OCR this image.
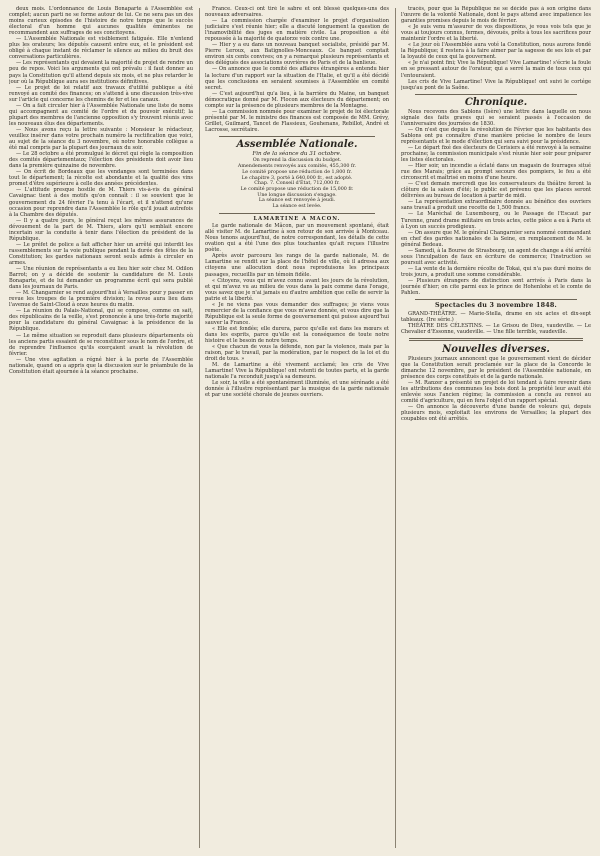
deux mois. L'ordonnance de Louis Bonaparte à l'Assemblée est complet; aucun parti ne se forme autour de lui. Ce ne sera pas un des moins curieux épisodes de l'histoire de notre temps que le succès électoral d'un homme qui aucunes qualités éminentes ne recommandent aux suffrages de ses concitoyens.

— L'Assemblée Nationale est visiblement fatiguée. Elle n'entend plus les orateurs; les députés causent entre eux, et le président est obligé à chaque instant de réclamer le silence au milieu du bruit des conversations particulières.

— Les représentants qui devaient la majorité du projet de rendre un peu de repos. Voici les arguments qui ont prévalu : il faut donner au pays la Constitution qu'il attend depuis six mois, et ne plus retarder le jour où la République aura ses institutions définitives.

— Le projet de loi relatif aux travaux d'utilité publique a été renvoyé au comité des finances; on s'attend à une discussion très-vive sur l'article qui concerne les chemins de fer et les canaux.

— On a fait circuler hier à l'Assemblée Nationale une liste de noms qui accompagnent au comité de l'ordre et du pouvoir exécutif; la plupart des membres de l'ancienne opposition s'y trouvent réunis avec les nouveaux élus des départements.

— Nous avons reçu la lettre suivante : Monsieur le rédacteur, veuillez insérer dans votre prochain numéro la rectification que voici, au sujet de la séance du 3 novembre, où notre honorable collègue a été mal compris par la plupart des journaux du soir.

— Le 28 octobre a été promulgué le décret qui règle la composition des comités départementaux; l'élection des présidents doit avoir lieu dans la première quinzaine de novembre.

— On écrit de Bordeaux que les vendanges sont terminées dans tout le département; la récolte est abondante et la qualité des vins promet d'être supérieure à celle des années précédentes.

— L'attitude presque hostile de M. Thiers vis-à-vis du général Cavaignac tient à des motifs qu'on connaît : il se souvient que le gouvernement du 24 février l'a tenu à l'écart, et il n'attend qu'une occasion pour reprendre dans l'Assemblée le rôle qu'il jouait autrefois à la Chambre des députés.

— Il y a quatre jours, le général reçut les mêmes assurances de dévouement de la part de M. Thiers, alors qu'il semblait encore incertain sur la conduite à tenir dans l'élection du président de la République.

— Le préfet de police a fait afficher hier un arrêté qui interdit les rassemblements sur la voie publique pendant la durée des fêtes de la Constitution; les gardes nationaux seront seuls admis à circuler en armes.

— Une réunion de représentants a eu lieu hier soir chez M. Odilon Barrot; on y a décidé de soutenir la candidature de M. Louis Bonaparte, et de lui demander un programme écrit qui sera publié dans les journaux de Paris.

— M. Changarnier se rend aujourd'hui à Versailles pour y passer en revue les troupes de la première division; la revue aura lieu dans l'avenue de Saint-Cloud à onze heures du matin.

— La réunion du Palais-National, qui se compose, comme on sait, des républicains de la veille, s'est prononcée à une très-forte majorité pour la candidature du général Cavaignac à la présidence de la République.

— Le même situation se reproduit dans plusieurs départements où les anciens partis essaient de se reconstituer sous le nom de l'ordre, et de reprendre l'influence qu'ils exerçaient avant la révolution de février.

— Une vive agitation a régné hier à la porte de l'Assemblée nationale, quand on a appris que la discussion sur le préambule de la Constitution était ajournée à la séance prochaine.

France. Ceux-ci ont tiré le sabre et ont blessé quelques-uns des nouveaux adversaires.

— La commission chargée d'examiner le projet d'organisation judiciaire s'est réunie hier; elle a discuté longuement la question de l'inamovibilité des juges en matière civile. La proposition a été repoussée à la majorité de quatorze voix contre une.

— Hier y a eu dans un nouveau banquet socialiste, présidé par M. Pierre Leroux, aux Batignolles-Monceaux. Ce banquet comptait environ six cents convives; on y a remarqué plusieurs représentants et des délégués des associations ouvrières de Paris et de la banlieue.

— On annonce que le comité des affaires étrangères a entendu hier la lecture d'un rapport sur la situation de l'Italie, et qu'il a été décidé que les conclusions en seraient soumises à l'Assemblée en comité secret.

— C'est aujourd'hui qu'a lieu, à la barrière du Maine, un banquet démocratique donné par M. Flocon aux électeurs du département; on compte sur la présence de plusieurs membres de la Montagne.

— La commission nommée pour examiner le projet de loi électorale présenté par M. le ministre des finances est composée de MM. Grévy, Grillet, Guilmard, Tancet de Flassieux, Gouhenans, Rebillot, André et Lacrosse, secrétaire.

Assemblée Nationale.
Fin de la séance du 31 octobre.

On reprend la discussion du budget.

Amendements renvoyés aux comités, 455,300 fr.

Le comité propose une réduction de 1,800 fr.

Le chapitre 3, porté à 640,000 fr., est adopté.

Chap. 7. Conseil d'État, 712,000 fr.

Le comité propose une réduction de 15,000 fr.

Une longue discussion s'engage.

La séance est renvoyée à jeudi.

La séance est levée.

LAMARTINE A MACON.

Le garde nationale de Mâcon, par un mouvement spontané, était allé visiter M. de Lamartine à son retour de son arrivée à Montceau. Nous tenons aujourd'hui, de notre correspondant, les détails de cette ovation qui a été l'une des plus touchantes qu'ait reçues l'illustre poète.

Après avoir parcouru les rangs de la garde nationale, M. de Lamartine se rendit sur la place de l'hôtel de ville, où il adressa aux citoyens une allocution dont nous reproduisons les principaux passages, recueillis par un témoin fidèle.

« Citoyens, vous qui m'avez connu avant les jours de la révolution, et qui m'avez vu au milieu de vous dans la paix comme dans l'orage, vous savez que je n'ai jamais eu d'autre ambition que celle de servir la patrie et la liberté.

« Je ne viens pas vous demander des suffrages; je viens vous remercier de la confiance que vous m'avez donnée, et vous dire que la République est la seule forme de gouvernement qui puisse aujourd'hui sauver la France.

« Elle est fondée; elle durera, parce qu'elle est dans les mœurs et dans les esprits, parce qu'elle est la conséquence de toute notre histoire et le besoin de notre temps.

« Que chacun de vous la défende, non par la violence, mais par la raison, par le travail, par la modération, par le respect de la loi et du droit de tous. »

M. de Lamartine a été vivement acclamé; les cris de Vive Lamartine! Vive la République! ont retenti de toutes parts, et la garde nationale l'a reconduit jusqu'à sa demeure.

Le soir, la ville a été spontanément illuminée, et une sérénade a été donnée à l'illustre représentant par la musique de la garde nationale et par une société chorale de jeunes ouvriers.

tracés, pour que la République ne se décide pas à son origine dans l'œuvre de la volonté Nationale, dont le pays attend avec impatience les garanties promises depuis le mois de février.

« Je suis venu m'assurer de vos dispositions, je vous vois tels que je vous ai toujours connus, fermes, dévoués, prêts à tous les sacrifices pour maintenir l'ordre et la liberté.

« Le jour où l'Assemblée aura voté la Constitution, nous aurons fondé la République; il restera à la faire aimer par la sagesse de ses lois et par la loyauté de ceux qui la gouvernent.

« Je n'ai point fini; Vive la République! Vive Lamartine! s'écrie la foule en se pressant autour de l'orateur, qui a serré la main de tous ceux qui l'entouraient.

Les cris de Vive Lamartine! Vive la République! ont suivi le cortége jusqu'au pont de la Saône.

Chronique.

Nous recevons des Sablons (Isère) une lettre dans laquelle on nous signale des faits graves qui se seraient passés à l'occasion de l'anniversaire des journées de 1830.

— On n'est que depuis la révolution de Février que les habitants des Sablons ont pu connaître d'une manière précise le nombre de leurs représentants et le mode d'élection qui sera suivi pour la présidence.

— Le départ fixé des électeurs de Cerisiers a été renvoyé à la semaine prochaine; la commission municipale s'est réunie hier soir pour préparer les listes électorales.

— Hier soir, un incendie a éclaté dans un magasin de fourrages situé rue des Marais; grâce au prompt secours des pompiers, le feu a été circonscrit et maîtrisé en moins d'une heure.

— C'est demain mercredi que les conservateurs du théâtre feront la clôture de la saison d'été; le public est prévenu que les places seront délivrées au bureau de location à partir de midi.

— La représentation extraordinaire donnée au bénéfice des ouvriers sans travail a produit une recette de 1,500 francs.

— Le Maréchal de Luxembourg, ou le Passage de l'Escaut par Turenne, grand drame militaire en trois actes, cette pièce a eu à Paris et à Lyon un succès prodigieux.

— On assure que M. le général Changarnier sera nommé commandant en chef des gardes nationales de la Seine, en remplacement de M. le général Bedeau.

— Samedi, à la Bourse de Strasbourg, un agent de change a été arrêté sous l'inculpation de faux en écriture de commerce; l'instruction se poursuit avec activité.

— La vente de la dernière récolte de Tokai, qui n'a pas duré moins de trois jours, a produit une somme considérable.

— Plusieurs étrangers de distinction sont arrivés à Paris dans la journée d'hier; on cite parmi eux le prince de Hohenlohe et le comte de Pahlen.

Spectacles du 3 novembre 1848.

GRAND-THÉÂTRE. — Marie-Stella, drame en six actes et dix-sept tableaux. (Ire série.)

THÉÂTRE DES CÉLESTINS. — Le Grisou de Dieu, vaudeville. — Le Chevalier d'Essonne, vaudeville. — Une fille terrible, vaudeville.

Nouvelles diverses.

Plusieurs journaux annoncent que le gouvernement vient de décider que la Constitution serait proclamée sur la place de la Concorde le dimanche 12 novembre, par le président de l'Assemblée nationale, en présence des corps constitués et de la garde nationale.

— M. Ranzer a présenté un projet de loi tendant à faire revenir dans les attributions des communes les bois dont la propriété leur avait été enlevée sous l'ancien régime; la commission a conclu au renvoi au comité d'agriculture, qui en fera l'objet d'un rapport spécial.

— On annonce la découverte d'une bande de voleurs qui, depuis plusieurs mois, exploitait les environs de Versailles; la plupart des coupables ont été arrêtés.
